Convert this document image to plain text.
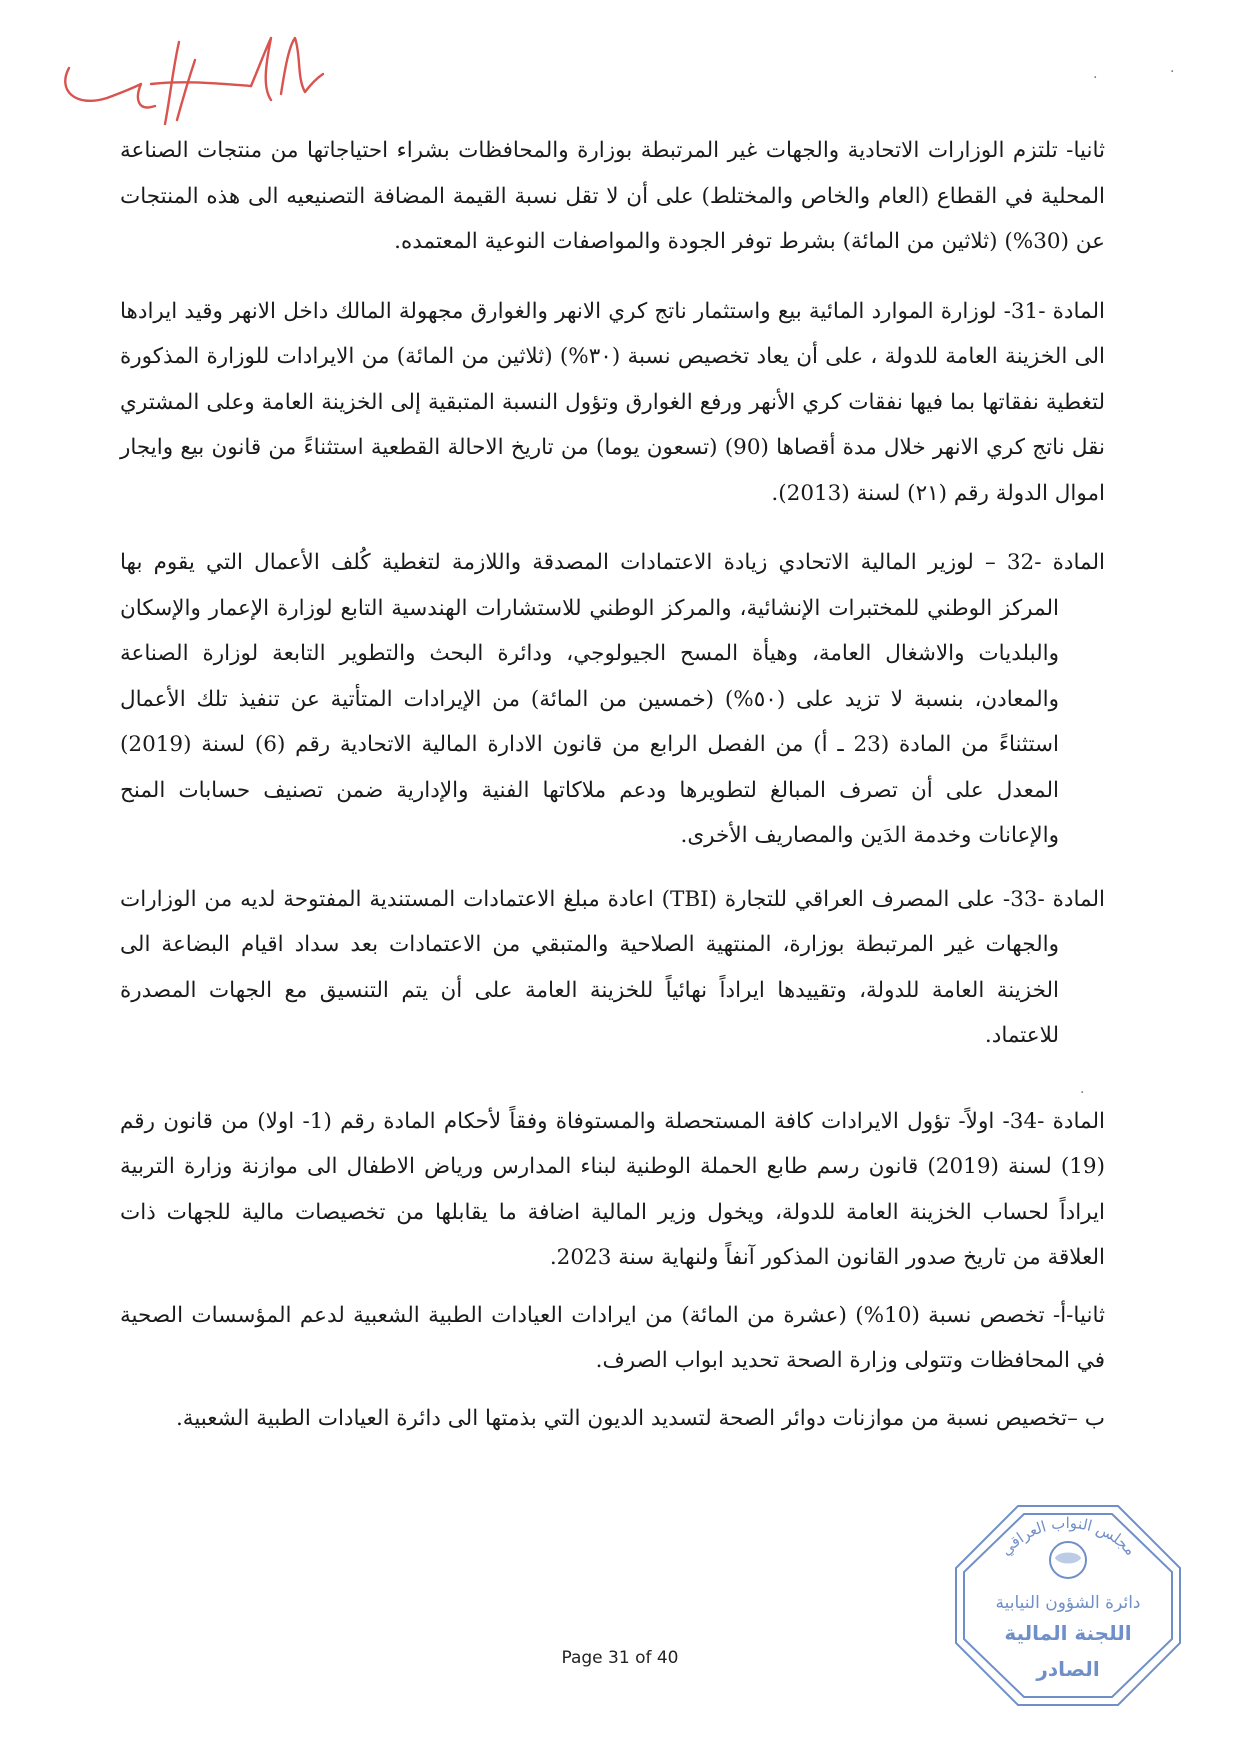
·	·
·

ثانيا- تلتزم الوزارات الاتحادية والجهات غير المرتبطة بوزارة والمحافظات بشراء احتياجاتها من منتجات الصناعة المحلية في القطاع (العام والخاص والمختلط) على أن لا تقل نسبة القيمة المضافة التصنيعيه الى هذه المنتجات عن (30%) (ثلاثين من المائة) بشرط توفر الجودة والمواصفات النوعية المعتمده.

المادة -31- لوزارة الموارد المائية بيع واستثمار ناتج كري الانهر والغوارق مجهولة المالك داخل الانهر وقيد ايرادها الى الخزينة العامة للدولة ، على أن يعاد تخصيص نسبة (٣٠%) (ثلاثين من المائة) من الايرادات للوزارة المذكورة لتغطية نفقاتها بما فيها نفقات كري الأنهر ورفع الغوارق وتؤول النسبة المتبقية إلى الخزينة العامة وعلى المشتري نقل ناتج كري الانهر خلال مدة أقصاها (90) (تسعون يوما) من تاريخ الاحالة القطعية استثناءً من قانون بيع وايجار اموال الدولة رقم (٢١) لسنة (2013).

المادة -32 – لوزير المالية الاتحادي زيادة الاعتمادات المصدقة واللازمة لتغطية كُلف الأعمال التي يقوم بها المركز الوطني للمختبرات الإنشائية، والمركز الوطني للاستشارات الهندسية التابع لوزارة الإعمار والإسكان والبلديات والاشغال العامة، وهيأة المسح الجيولوجي، ودائرة البحث والتطوير التابعة لوزارة الصناعة والمعادن، بنسبة لا تزيد على (٥٠%) (خمسين من المائة) من الإيرادات المتأتية عن تنفيذ تلك الأعمال استثناءً من المادة (23 ـ أ) من الفصل الرابع من قانون الادارة المالية الاتحادية رقم (6) لسنة (2019) المعدل على أن تصرف المبالغ لتطويرها ودعم ملاكاتها الفنية والإدارية ضمن تصنيف حسابات المنح والإعانات وخدمة الدَين والمصاريف الأخرى.

المادة -33- على المصرف العراقي للتجارة (TBI) اعادة مبلغ الاعتمادات المستندية المفتوحة لديه من الوزارات والجهات غير المرتبطة بوزارة، المنتهية الصلاحية والمتبقي من الاعتمادات بعد سداد اقيام البضاعة الى الخزينة العامة للدولة، وتقييدها ايراداً نهائياً للخزينة العامة على أن يتم التنسيق مع الجهات المصدرة للاعتماد.

المادة -34- اولاً- تؤول الايرادات كافة المستحصلة والمستوفاة وفقاً لأحكام المادة رقم (1- اولا) من قانون رقم (19) لسنة (2019) قانون رسم طابع الحملة الوطنية لبناء المدارس ورياض الاطفال الى موازنة وزارة التربية ايراداً لحساب الخزينة العامة للدولة، ويخول وزير المالية اضافة ما يقابلها من تخصيصات مالية للجهات ذات العلاقة من تاريخ صدور القانون المذكور آنفاً ولنهاية سنة 2023.

ثانيا-أ- تخصص نسبة (10%) (عشرة من المائة) من ايرادات العيادات الطبية الشعبية لدعم المؤسسات الصحية في المحافظات وتتولى وزارة الصحة تحديد ابواب الصرف.

ب –تخصيص نسبة من موازنات دوائر الصحة لتسديد الديون التي بذمتها الى دائرة العيادات الطبية الشعبية.

مجلس النواب العراقي
دائرة الشؤون النيابية
اللجنة المالية
الصادر
Page 31 of 40
